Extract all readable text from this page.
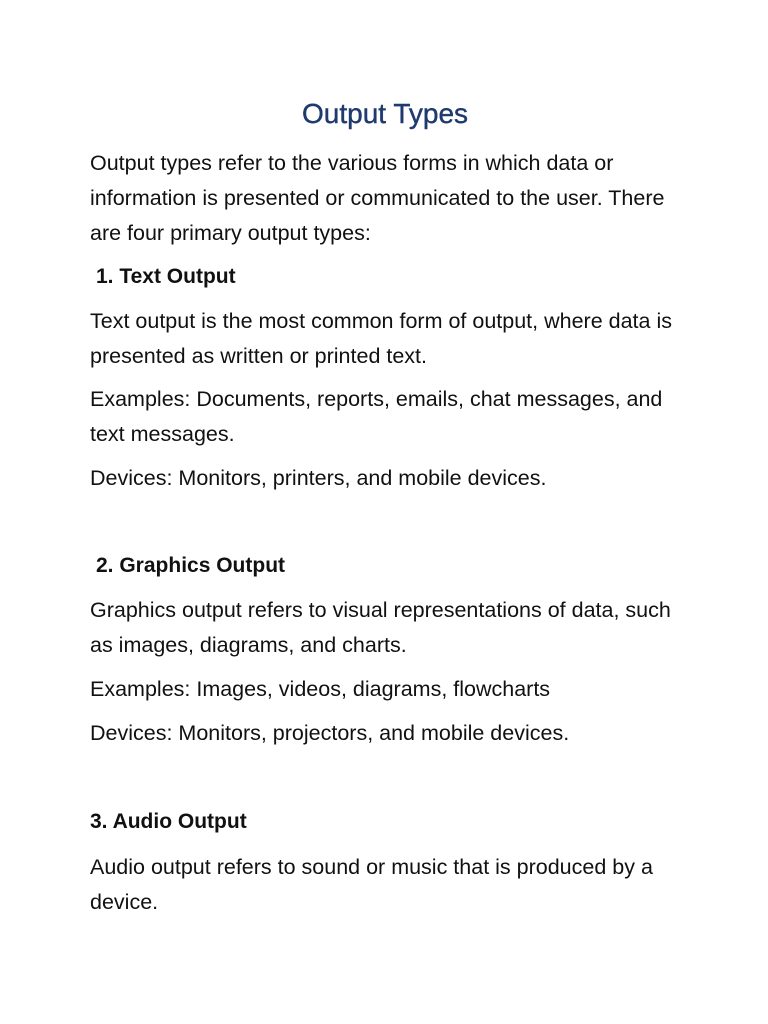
Output Types

Output types refer to the various forms in which data or information is presented or communicated to the user. There are four primary output types:

1. Text Output

Text output is the most common form of output, where data is presented as written or printed text.

Examples: Documents, reports, emails, chat messages, and text messages.

Devices: Monitors, printers, and mobile devices.

2. Graphics Output

Graphics output refers to visual representations of data, such as images, diagrams, and charts.

Examples: Images, videos, diagrams, flowcharts

Devices: Monitors, projectors, and mobile devices.

3. Audio Output

Audio output refers to sound or music that is produced by a device.
